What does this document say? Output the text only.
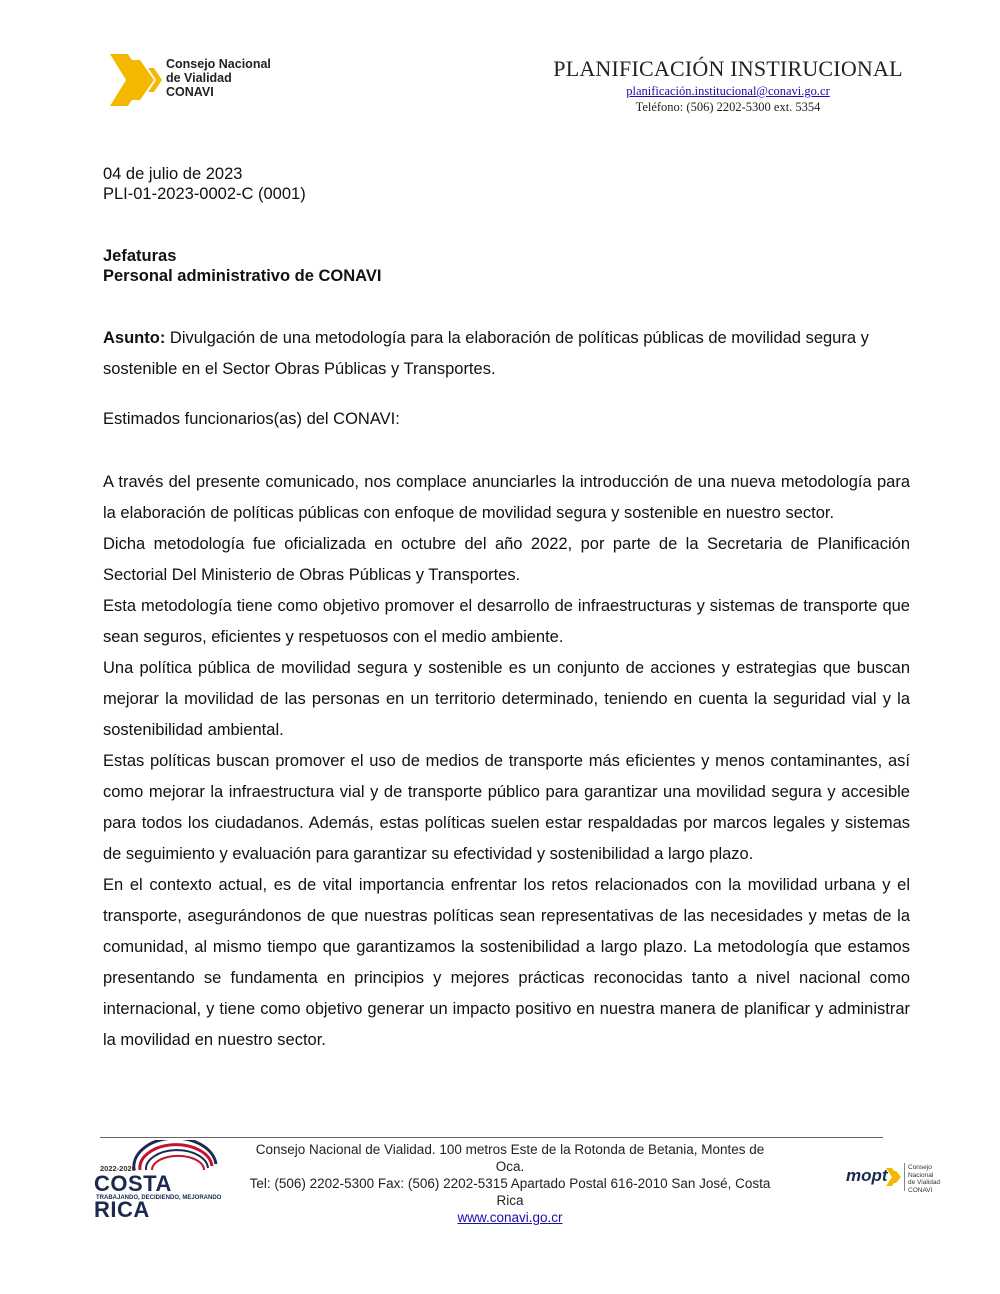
Consejo Nacional
de Vialidad
CONAVI
PLANIFICACIÓN INSTIRUCIONAL
planificación.institucional@conavi.go.cr
Teléfono: (506) 2202-5300 ext. 5354
04 de julio de 2023
PLI-01-2023-0002-C (0001)
Jefaturas
Personal administrativo de CONAVI
Asunto: Divulgación de una metodología para la elaboración de políticas públicas de movilidad segura y sostenible en el Sector Obras Públicas y Transportes.
Estimados funcionarios(as) del CONAVI:

A través del presente comunicado, nos complace anunciarles la introducción de una nueva metodología para la elaboración de políticas públicas con enfoque de movilidad segura y sostenible en nuestro sector.

Dicha metodología fue oficializada en octubre del año 2022, por parte de la Secretaria de Planificación Sectorial Del Ministerio de Obras Públicas y Transportes.

Esta metodología tiene como objetivo promover el desarrollo de infraestructuras y sistemas de transporte que sean seguros, eficientes y respetuosos con el medio ambiente.

Una política pública de movilidad segura y sostenible es un conjunto de acciones y estrategias que buscan mejorar la movilidad de las personas en un territorio determinado, teniendo en cuenta la seguridad vial y la sostenibilidad ambiental.

Estas políticas buscan promover el uso de medios de transporte más eficientes y menos contaminantes, así como mejorar la infraestructura vial y de transporte público para garantizar una movilidad segura y accesible para todos los ciudadanos. Además, estas políticas suelen estar respaldadas por marcos legales y sistemas de seguimiento y evaluación para garantizar su efectividad y sostenibilidad a largo plazo.

En el contexto actual, es de vital importancia enfrentar los retos relacionados con la movilidad urbana y el transporte, asegurándonos de que nuestras políticas sean representativas de las necesidades y metas de la comunidad, al mismo tiempo que garantizamos la sostenibilidad a largo plazo. La metodología que estamos presentando se fundamenta en principios y mejores prácticas reconocidas tanto a nivel nacional como internacional, y tiene como objetivo generar un impacto positivo en nuestra manera de planificar y administrar la movilidad en nuestro sector.

2022-2026
COSTA RICA
TRABAJANDO, DECIDIENDO, MEJORANDO
Consejo Nacional de Vialidad. 100 metros Este de la Rotonda de Betania, Montes de Oca.
Tel: (506) 2202-5300 Fax: (506) 2202-5315 Apartado Postal 616-2010 San José, Costa Rica
www.conavi.go.cr
mopt	Consejo Nacional
de Vialidad
CONAVI
